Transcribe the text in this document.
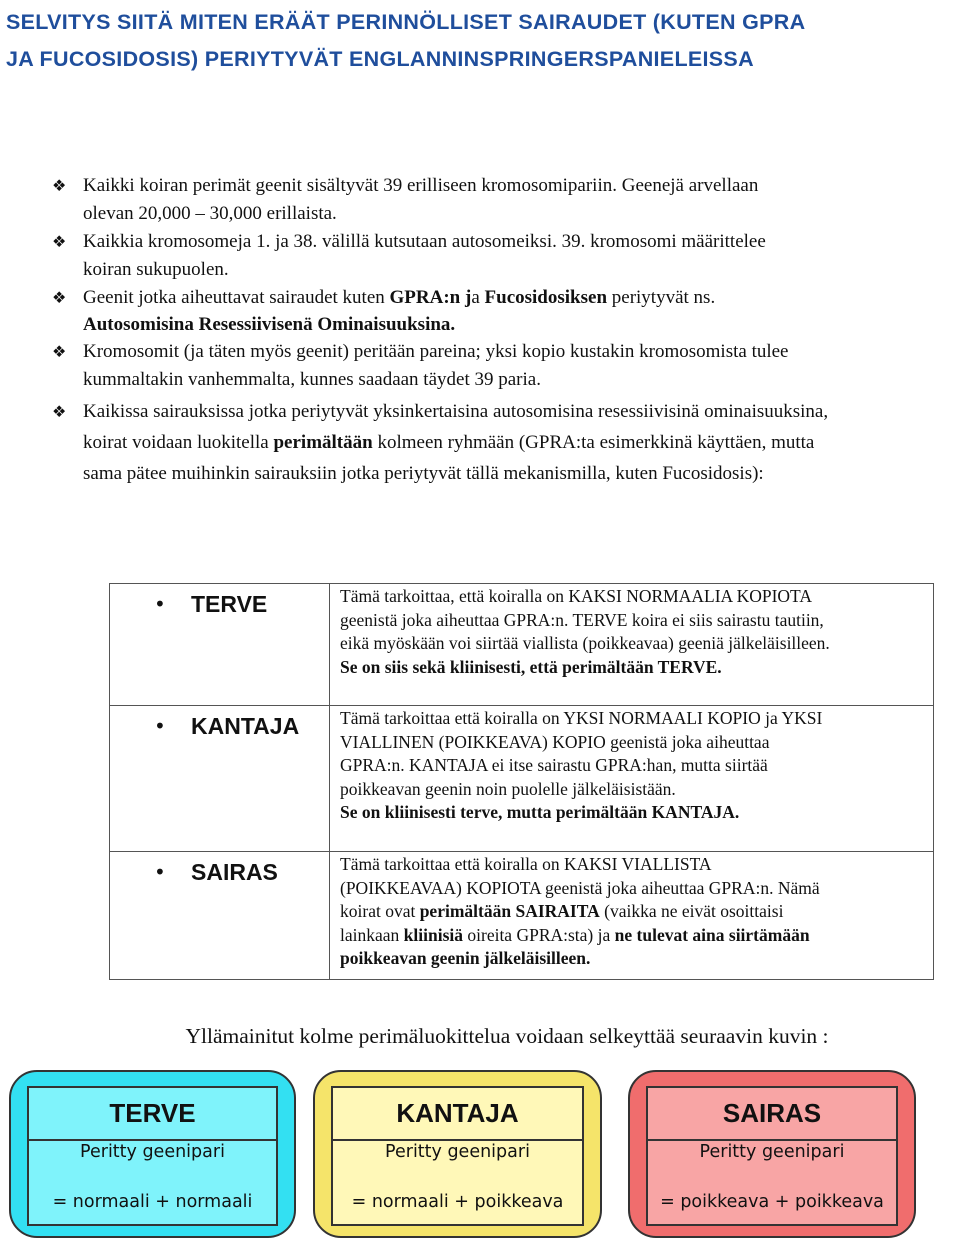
SELVITYS SIITÄ MITEN ERÄÄT PERINNÖLLISET SAIRAUDET (KUTEN GPRA
JA FUCOSIDOSIS) PERIYTYVÄT ENGLANNINSPRINGERSPANIELEISSA
❖ Kaikki koiran perimät geenit sisältyvät 39 erilliseen kromosomipariin. Geenejä arvellaan
olevan 20,000 – 30,000 erillaista.
❖ Kaikkia kromosomeja 1. ja 38. välillä kutsutaan autosomeiksi. 39. kromosomi määrittelee
koiran sukupuolen.
❖ Geenit jotka aiheuttavat sairaudet kuten GPRA:n ja Fucosidosiksen periytyvät ns.
Autosomisina Resessiivisenä Ominaisuuksina.
❖ Kromosomit (ja täten myös geenit) peritään pareina; yksi kopio kustakin kromosomista tulee
kummaltakin vanhemmalta, kunnes saadaan täydet 39 paria.
❖ Kaikissa sairauksissa jotka periytyvät yksinkertaisina autosomisina resessiivisinä ominaisuuksina,
koirat voidaan luokitella perimältään kolmeen ryhmään (GPRA:ta esimerkkinä käyttäen, mutta
sama pätee muihinkin sairauksiin jotka periytyvät tällä mekanismilla, kuten Fucosidosis):
• TERVE	Tämä tarkoittaa, että koiralla on KAKSI NORMAALIA KOPIOTA
geenistä joka aiheuttaa GPRA:n. TERVE koira ei siis sairastu tautiin,
eikä myöskään voi siirtää viallista (poikkeavaa) geeniä jälkeläisilleen.
Se on siis sekä kliinisesti, että perimältään TERVE.

• KANTAJA	Tämä tarkoittaa että koiralla on YKSI NORMAALI KOPIO ja YKSI
VIALLINEN (POIKKEAVA) KOPIO geenistä joka aiheuttaa
GPRA:n. KANTAJA ei itse sairastu GPRA:han, mutta siirtää
poikkeavan geenin noin puolelle jälkeläisistään.
Se on kliinisesti terve, mutta perimältään KANTAJA.

• SAIRAS	Tämä tarkoittaa että koiralla on KAKSI VIALLISTA
(POIKKEAVAA) KOPIOTA geenistä joka aiheuttaa GPRA:n. Nämä
koirat ovat perimältään SAIRAITA (vaikka ne eivät osoittaisi
lainkaan kliinisiä oireita GPRA:sta) ja ne tulevat aina siirtämään
poikkeavan geenin jälkeläisilleen.
Yllämainitut kolme perimäluokittelua voidaan selkeyttää seuraavin kuvin :
TERVE
Peritty geenipari
= normaali + normaali
KANTAJA
Peritty geenipari
= normaali + poikkeava
SAIRAS
Peritty geenipari
= poikkeava + poikkeava
